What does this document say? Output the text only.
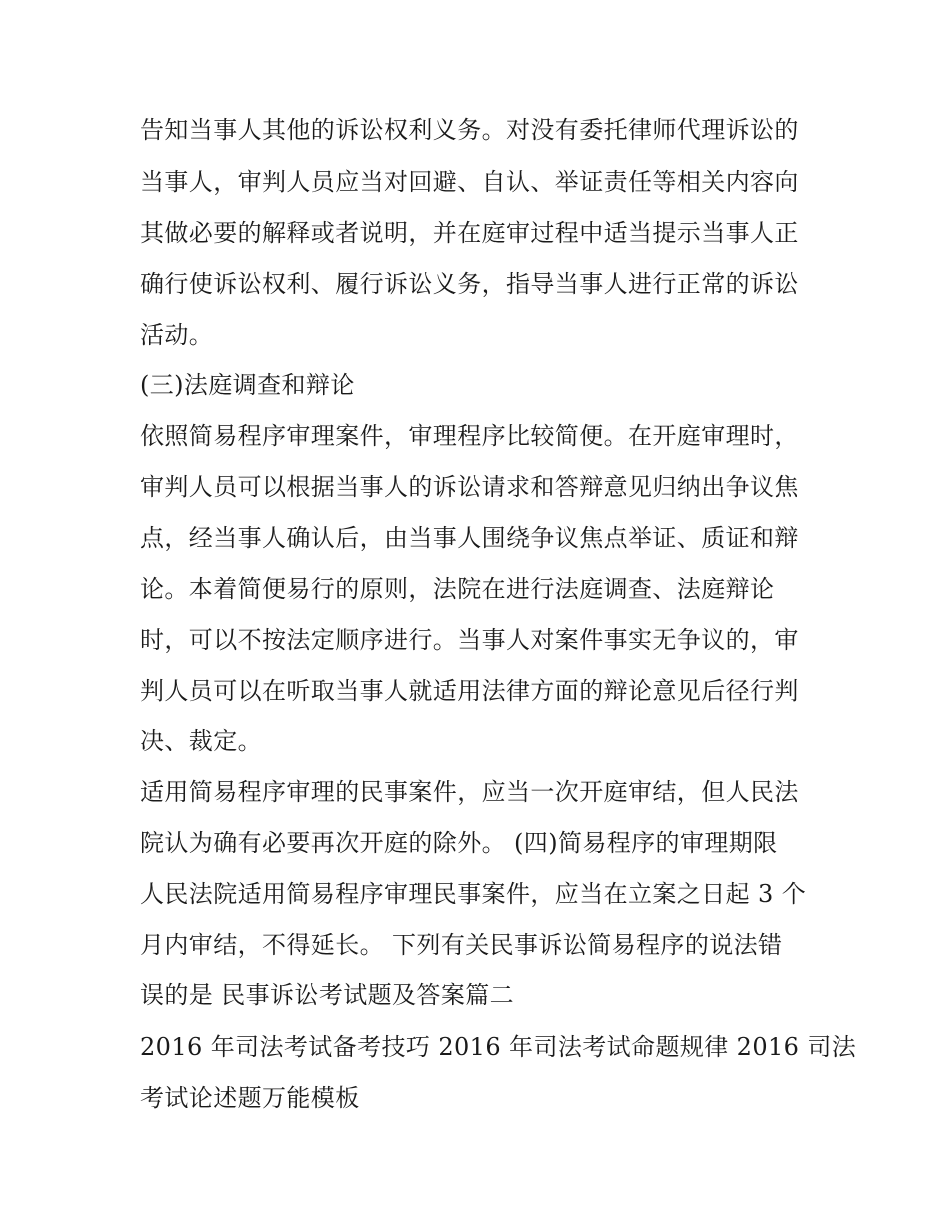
告知当事人其他的诉讼权利义务。对没有委托律师代理诉讼的
当事人，审判人员应当对回避、自认、举证责任等相关内容向
其做必要的解释或者说明，并在庭审过程中适当提示当事人正
确行使诉讼权利、履行诉讼义务，指导当事人进行正常的诉讼
活动。
(三)法庭调查和辩论
依照简易程序审理案件，审理程序比较简便。在开庭审理时，
审判人员可以根据当事人的诉讼请求和答辩意见归纳出争议焦
点，经当事人确认后，由当事人围绕争议焦点举证、质证和辩
论。本着简便易行的原则，法院在进行法庭调查、法庭辩论
时，可以不按法定顺序进行。当事人对案件事实无争议的，审
判人员可以在听取当事人就适用法律方面的辩论意见后径行判
决、裁定。
适用简易程序审理的民事案件，应当一次开庭审结，但人民法
院认为确有必要再次开庭的除外。 (四)简易程序的审理期限
人民法院适用简易程序审理民事案件，应当在立案之日起 3 个
月内审结，不得延长。 下列有关民事诉讼简易程序的说法错
误的是 民事诉讼考试题及答案篇二
2016 年司法考试备考技巧 2016 年司法考试命题规律 2016 司法
考试论述题万能模板
